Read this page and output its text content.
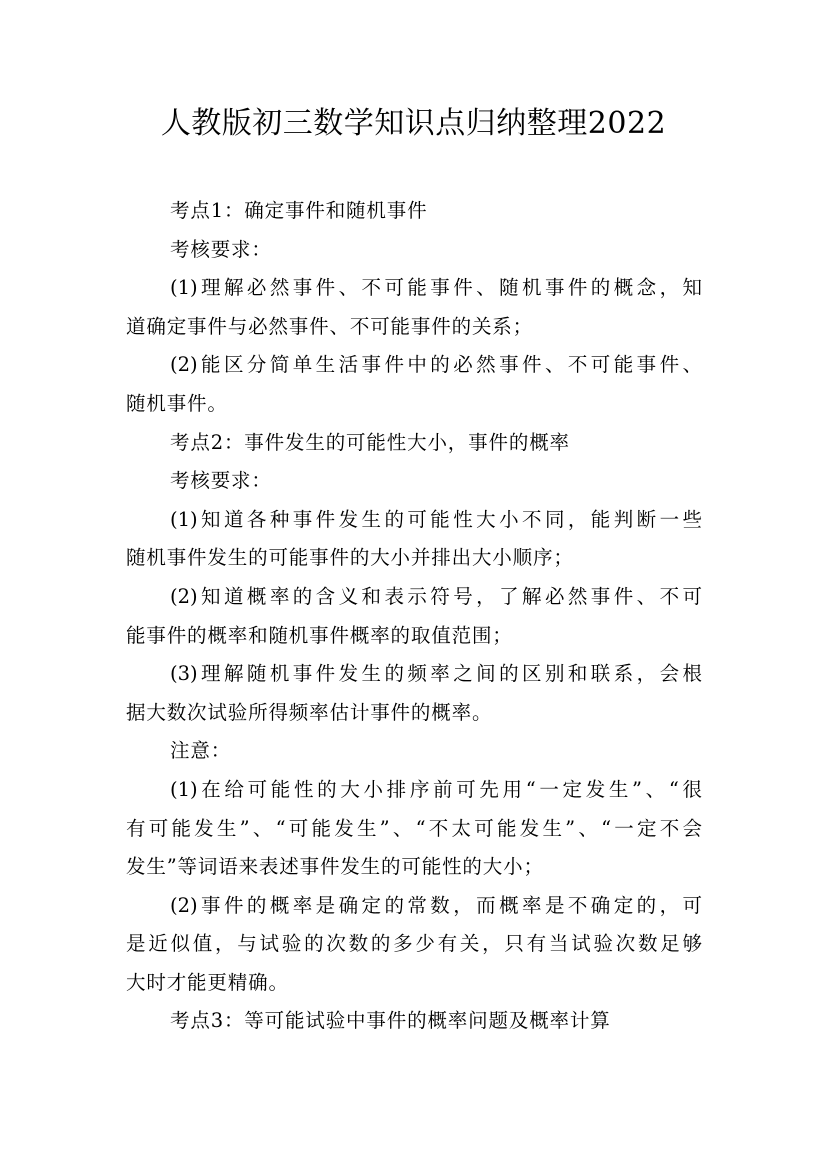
人教版初三数学知识点归纳整理2022
考点1：确定事件和随机事件
考核要求：
(1)理解必然事件、不可能事件、随机事件的概念，知
道确定事件与必然事件、不可能事件的关系；
(2)能区分简单生活事件中的必然事件、不可能事件、
随机事件。
考点2：事件发生的可能性大小，事件的概率
考核要求：
(1)知道各种事件发生的可能性大小不同，能判断一些
随机事件发生的可能事件的大小并排出大小顺序；
(2)知道概率的含义和表示符号，了解必然事件、不可
能事件的概率和随机事件概率的取值范围；
(3)理解随机事件发生的频率之间的区别和联系，会根
据大数次试验所得频率估计事件的概率。
注意：
(1)在给可能性的大小排序前可先用“一定发生”、“很
有可能发生”、“可能发生”、“不太可能发生”、“一定不会
发生”等词语来表述事件发生的可能性的大小；
(2)事件的概率是确定的常数，而概率是不确定的，可
是近似值，与试验的次数的多少有关，只有当试验次数足够
大时才能更精确。
考点3：等可能试验中事件的概率问题及概率计算
